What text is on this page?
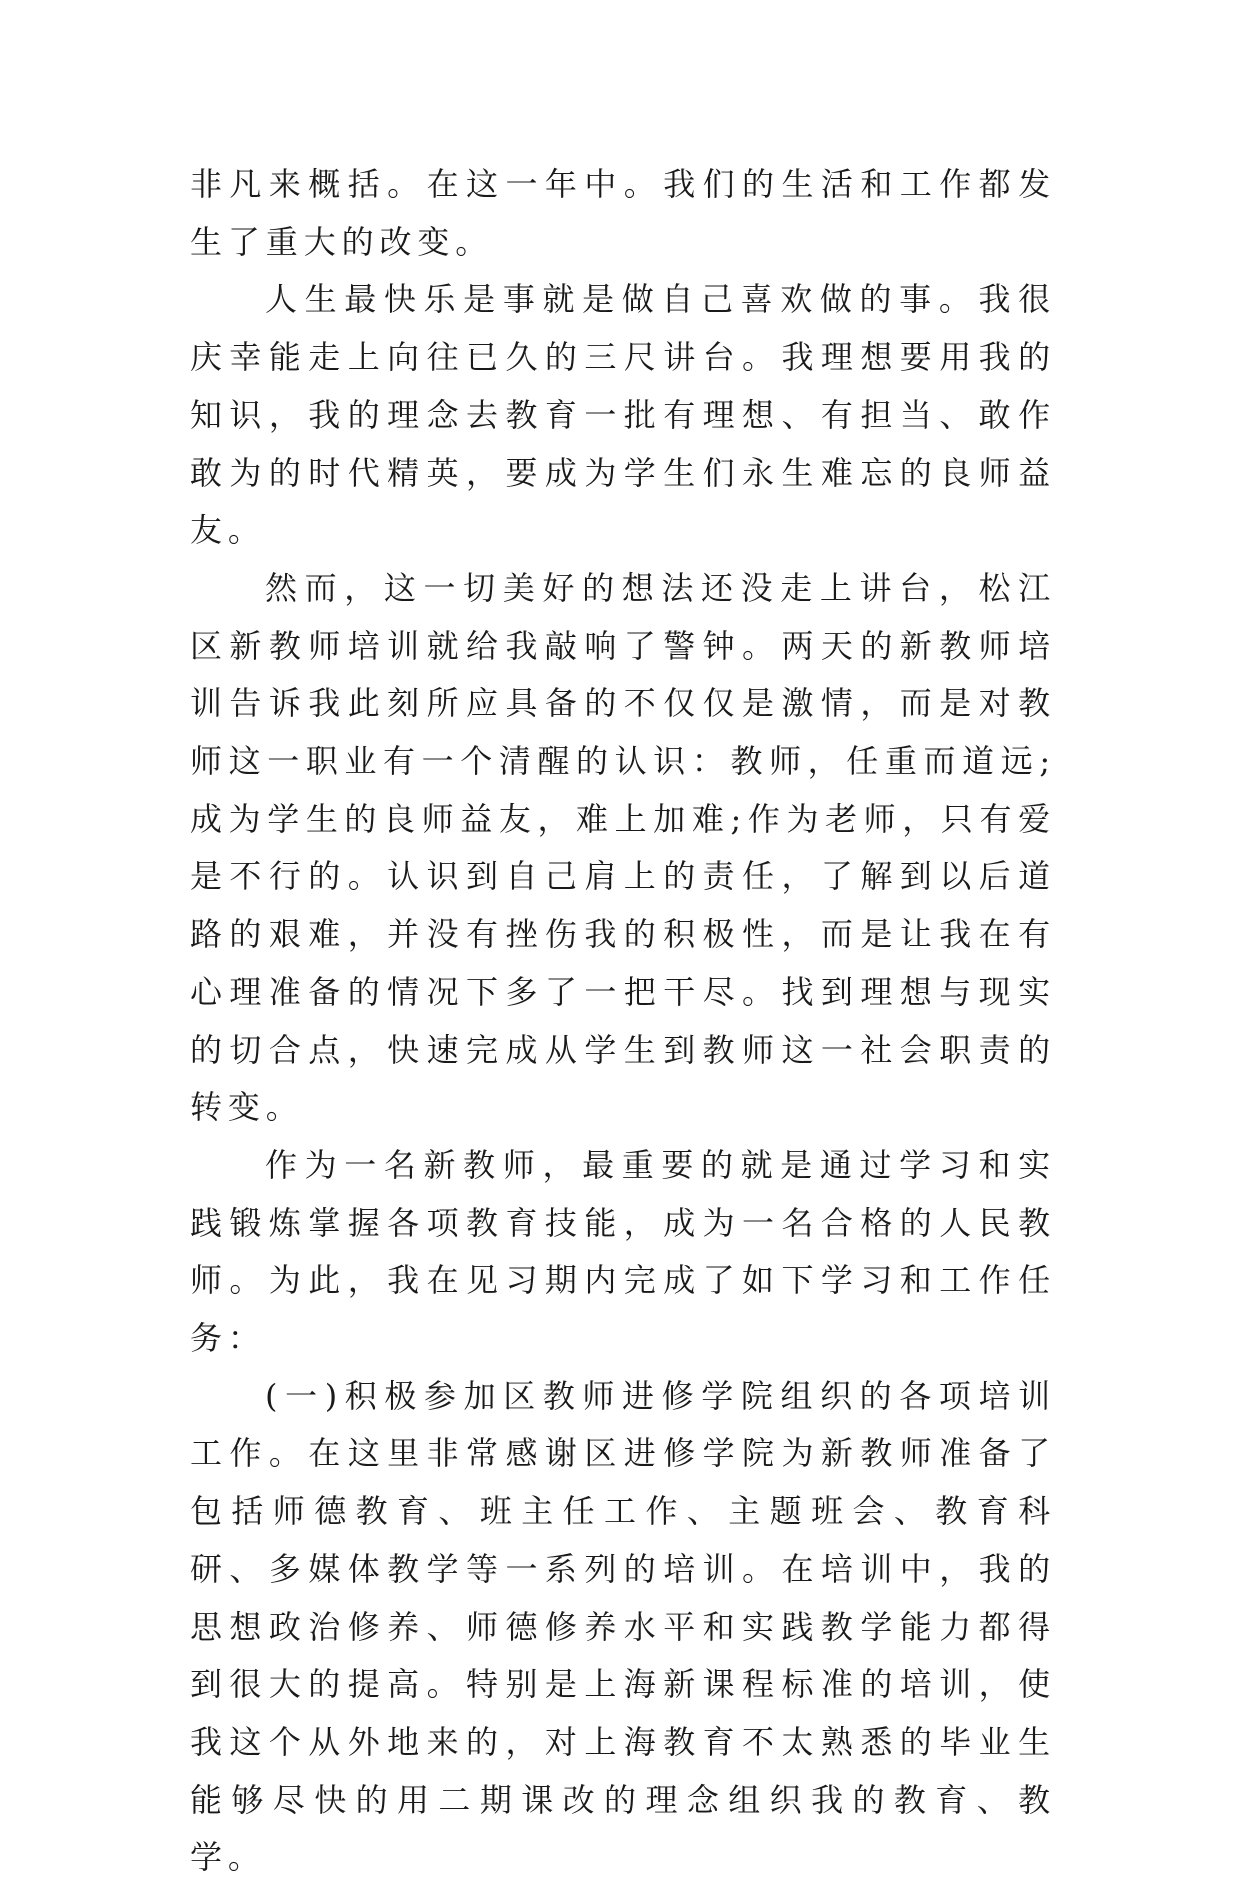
非凡来概括。在这一年中。我们的生活和工作都发生了重大的改变。

人生最快乐是事就是做自己喜欢做的事。我很庆幸能走上向往已久的三尺讲台。我理想要用我的知识，我的理念去教育一批有理想、有担当、敢作敢为的时代精英，要成为学生们永生难忘的良师益友。

然而，这一切美好的想法还没走上讲台，松江区新教师培训就给我敲响了警钟。两天的新教师培训告诉我此刻所应具备的不仅仅是激情，而是对教师这一职业有一个清醒的认识：教师，任重而道远;成为学生的良师益友，难上加难;作为老师，只有爱是不行的。认识到自己肩上的责任，了解到以后道路的艰难，并没有挫伤我的积极性，而是让我在有心理准备的情况下多了一把干尽。找到理想与现实的切合点，快速完成从学生到教师这一社会职责的转变。

作为一名新教师，最重要的就是通过学习和实践锻炼掌握各项教育技能，成为一名合格的人民教师。为此，我在见习期内完成了如下学习和工作任务：

(一)积极参加区教师进修学院组织的各项培训工作。在这里非常感谢区进修学院为新教师准备了包括师德教育、班主任工作、主题班会、教育科研、多媒体教学等一系列的培训。在培训中，我的思想政治修养、师德修养水平和实践教学能力都得到很大的提高。特别是上海新课程标准的培训，使我这个从外地来的，对上海教育不太熟悉的毕业生能够尽快的用二期课改的理念组织我的教育、教学。
